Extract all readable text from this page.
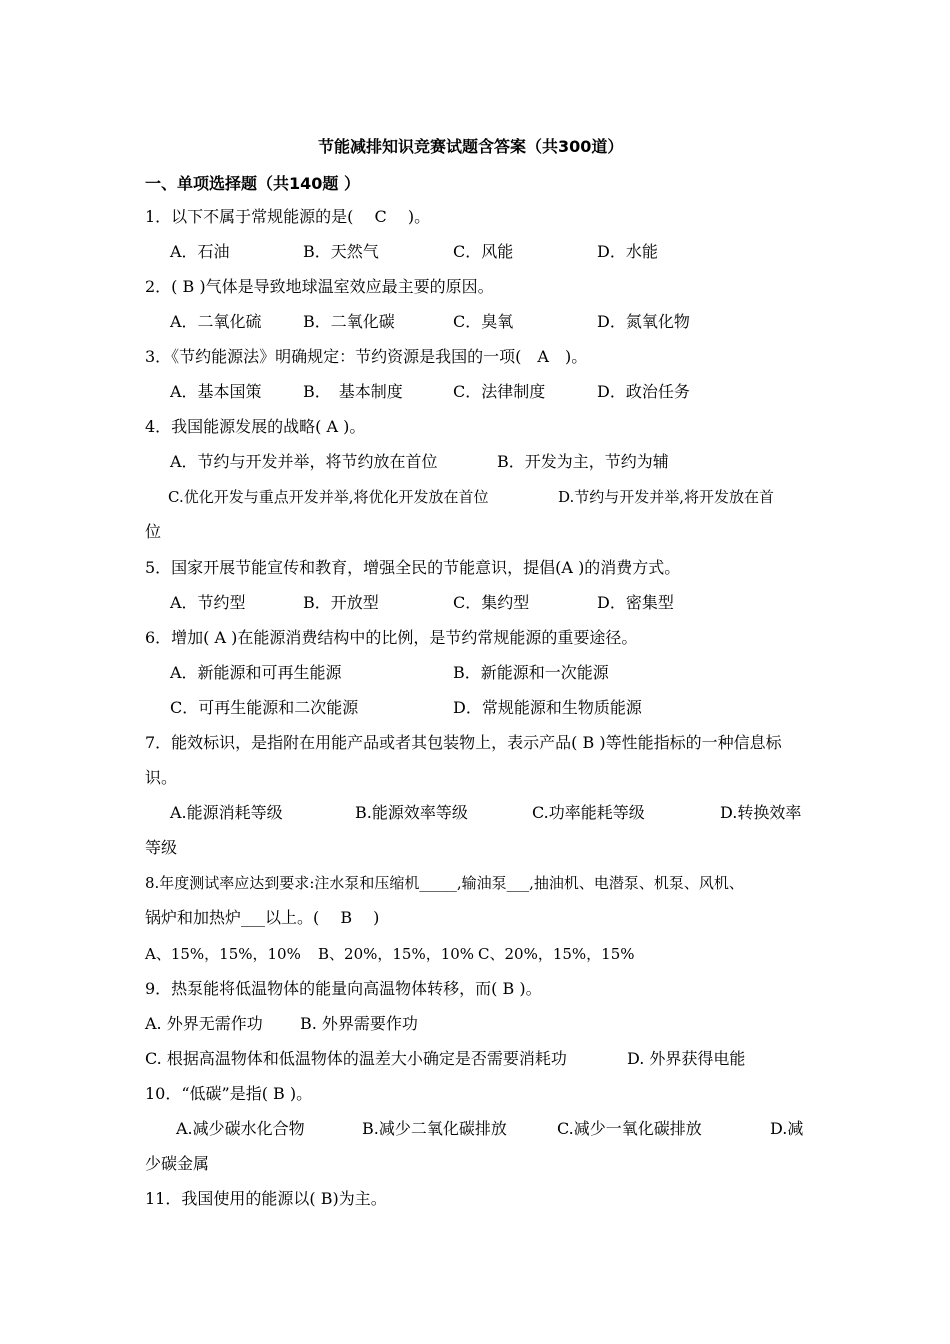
节能减排知识竞赛试题含答案（共300道）
一、单项选择题（共140题 ）
1．以下不属于常规能源的是(　 C 　)。
A．石油	B．天然气	C．风能	D．水能
2．( B )气体是导致地球温室效应最主要的原因。
A．二氧化硫	B．二氧化碳	C．臭氧	D．氮氧化物
3．《节约能源法》明确规定：节约资源是我国的一项(　A　)。
A．基本国策	B．　基本制度	C．法律制度	D．政治任务
4．我国能源发展的战略( A )。
A．节约与开发并举，将节约放在首位	B．开发为主，节约为辅
C.优化开发与重点开发并举,将优化开发放在首位	D.节约与开发并举,将开发放在首
位
5．国家开展节能宣传和教育，增强全民的节能意识，提倡(A )的消费方式。
A．节约型	B．开放型	C．集约型	D．密集型
6．增加( A )在能源消费结构中的比例，是节约常规能源的重要途径。
A．新能源和可再生能源	B．新能源和一次能源
C．可再生能源和二次能源	D．常规能源和生物质能源
7．能效标识，是指附在用能产品或者其包装物上，表示产品( B )等性能指标的一种信息标
识。
A.能源消耗等级	B.能源效率等级	C.功率能耗等级	D.转换效率
等级
8.年度测试率应达到要求:注水泵和压缩机_____,输油泵___,抽油机、电潜泵、机泵、风机、
锅炉和加热炉___以上。(　 B　 )
A、15%，15%，10% B、20%，15%，10% C、20%，15%，15%
9．热泵能将低温物体的能量向高温物体转移，而( B )。
A. 外界无需作功 B. 外界需要作功
C. 根据高温物体和低温物体的温差大小确定是否需要消耗功	D. 外界获得电能
10．“低碳”是指( B )。
A.减少碳水化合物	B.减少二氧化碳排放	C.减少一氧化碳排放	D.减
少碳金属
11．我国使用的能源以( B)为主。
